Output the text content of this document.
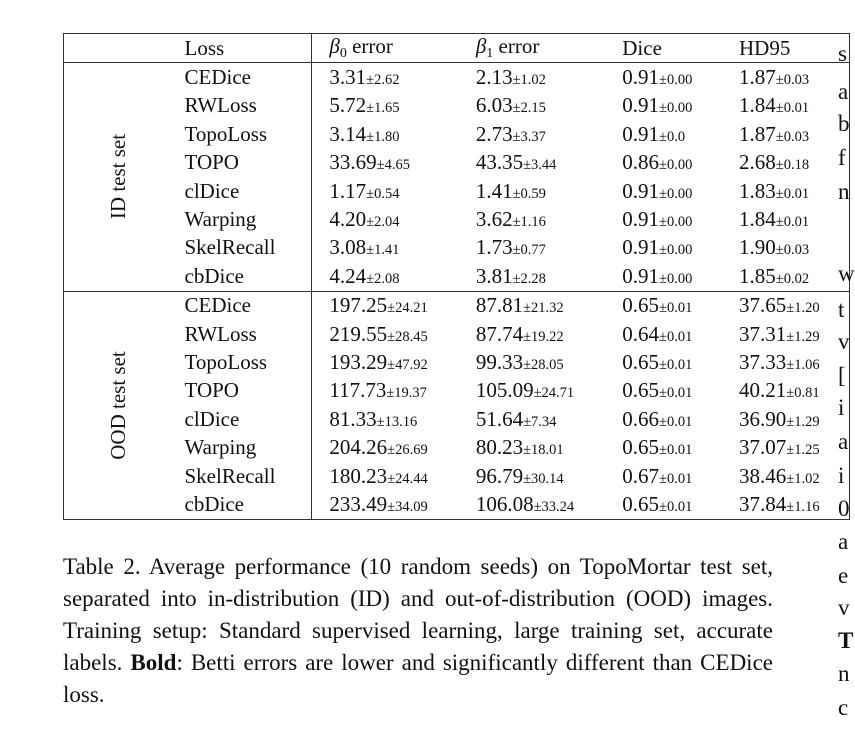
	Loss	$\beta_0$ error	$\beta_1$ error	Dice	HD95
ID test set	CEDice	3.31±2.62	2.13±1.02	0.91±0.00	1.87±0.03
	RWLoss	5.72±1.65	6.03±2.15	0.91±0.00	1.84±0.01
	TopoLoss	3.14±1.80	2.73±3.37	0.91±0.0	1.87±0.03
	TOPO	33.69±4.65	43.35±3.44	0.86±0.00	2.68±0.18
	clDice	1.17±0.54	1.41±0.59	0.91±0.00	1.83±0.01
	Warping	4.20±2.04	3.62±1.16	0.91±0.00	1.84±0.01
	SkelRecall	3.08±1.41	1.73±0.77	0.91±0.00	1.90±0.03
	cbDice	4.24±2.08	3.81±2.28	0.91±0.00	1.85±0.02
OOD test set	CEDice	197.25±24.21	87.81±21.32	0.65±0.01	37.65±1.20
	RWLoss	219.55±28.45	87.74±19.22	0.64±0.01	37.31±1.29
	TopoLoss	193.29±47.92	99.33±28.05	0.65±0.01	37.33±1.06
	TOPO	117.73±19.37	105.09±24.71	0.65±0.01	40.21±0.81
	clDice	81.33±13.16	51.64±7.34	0.66±0.01	36.90±1.29
	Warping	204.26±26.69	80.23±18.01	0.65±0.01	37.07±1.25
	SkelRecall	180.23±24.44	96.79±30.14	0.67±0.01	38.46±1.02
	cbDice	233.49±34.09	106.08±33.24	0.65±0.01	37.84±1.16

Table 2. Average performance (10 random seeds) on TopoMortar test set, separated into in-distribution (ID) and out-of-distribution (OOD) images. Training setup: Standard supervised learning, large training set, accurate labels. Bold: Betti errors are lower and significantly different than CEDice loss.

s
a
b
f
n
w
t
v
[
i
a
i
0
a
e
v
T
n
c
